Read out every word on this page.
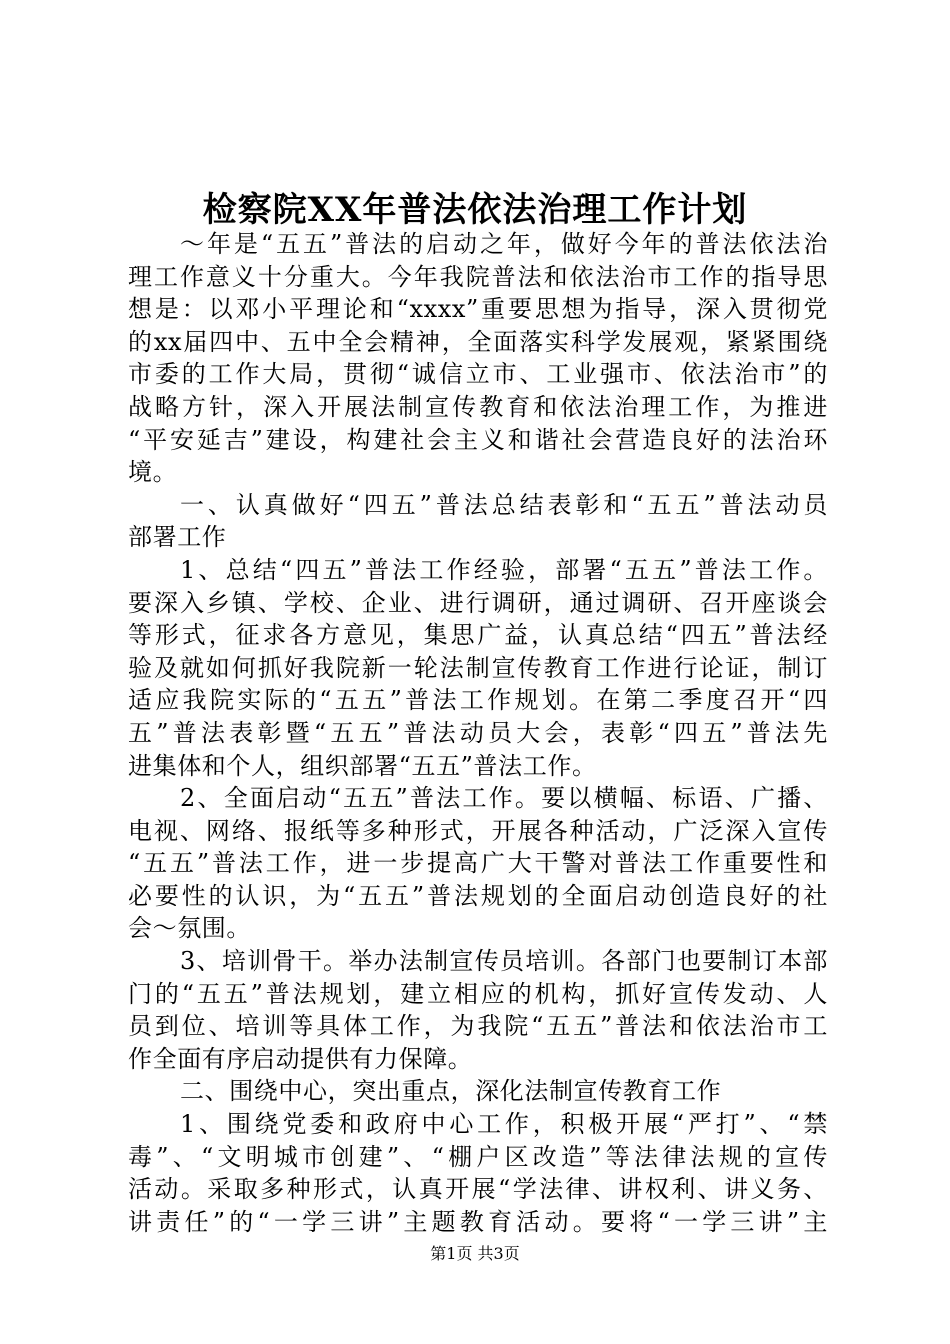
检察院XX年普法依法治理工作计划
～年是“五五”普法的启动之年，做好今年的普法依法治
理工作意义十分重大。今年我院普法和依法治市工作的指导思
想是：以邓小平理论和“xxxx”重要思想为指导，深入贯彻党
的xx届四中、五中全会精神，全面落实科学发展观，紧紧围绕
市委的工作大局，贯彻“诚信立市、工业强市、依法治市”的
战略方针，深入开展法制宣传教育和依法治理工作，为推进
“平安延吉”建设，构建社会主义和谐社会营造良好的法治环
境。
一、认真做好“四五”普法总结表彰和“五五”普法动员
部署工作
1、总结“四五”普法工作经验，部署“五五”普法工作。
要深入乡镇、学校、企业、进行调研，通过调研、召开座谈会
等形式，征求各方意见，集思广益，认真总结“四五”普法经
验及就如何抓好我院新一轮法制宣传教育工作进行论证，制订
适应我院实际的“五五”普法工作规划。在第二季度召开“四
五”普法表彰暨“五五”普法动员大会，表彰“四五”普法先
进集体和个人，组织部署“五五”普法工作。
2、全面启动“五五”普法工作。要以横幅、标语、广播、
电视、网络、报纸等多种形式，开展各种活动，广泛深入宣传
“五五”普法工作，进一步提高广大干警对普法工作重要性和
必要性的认识，为“五五”普法规划的全面启动创造良好的社
会～氛围。
3、培训骨干。举办法制宣传员培训。各部门也要制订本部
门的“五五”普法规划，建立相应的机构，抓好宣传发动、人
员到位、培训等具体工作，为我院“五五”普法和依法治市工
作全面有序启动提供有力保障。
二、围绕中心，突出重点，深化法制宣传教育工作
1、围绕党委和政府中心工作，积极开展“严打”、“禁
毒”、“文明城市创建”、“棚户区改造”等法律法规的宣传
活动。采取多种形式，认真开展“学法律、讲权利、讲义务、
讲责任”的“一学三讲”主题教育活动。要将“一学三讲”主
第1页 共3页
